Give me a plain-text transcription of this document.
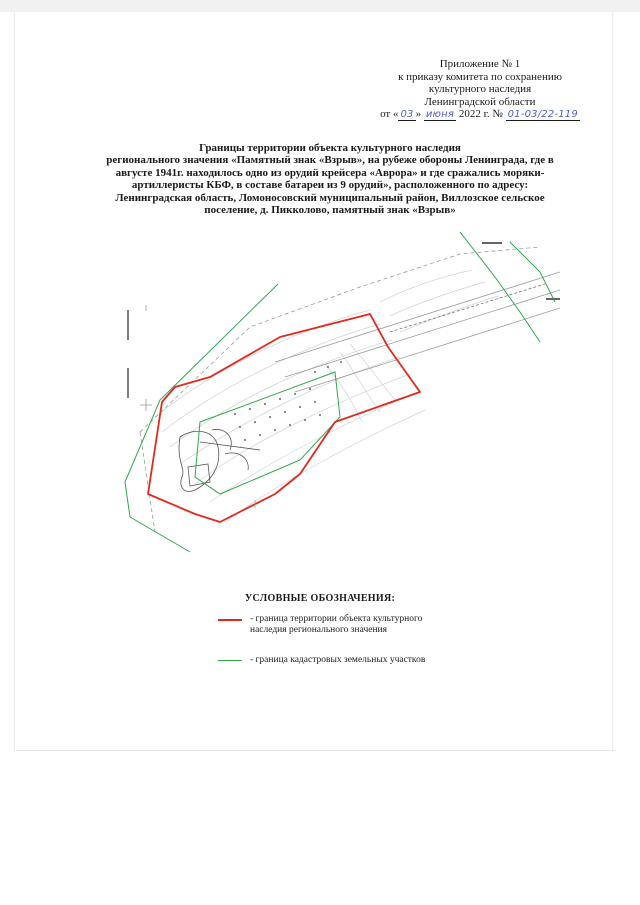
Приложение № 1
к приказу комитета по сохранению
культурного наследия
Ленинградской области
от « 03 » июня 2022 г. № 01-03/22-119
Границы территории объекта культурного наследия
регионального значения «Памятный знак «Взрыв», на рубеже обороны Ленинграда, где в
августе 1941г. находилось одно из орудий крейсера «Аврора» и где сражались моряки-
артиллеристы КБФ, в составе батареи из 9 орудий», расположенного по адресу:
Ленинградская область, Ломоносовский муниципальный район, Виллозское сельское
поселение, д. Пикколово, памятный знак «Взрыв»
УСЛОВНЫЕ ОБОЗНАЧЕНИЯ:
- граница территории объекта культурного
наследия регионального значения
- граница кадастровых земельных участков
